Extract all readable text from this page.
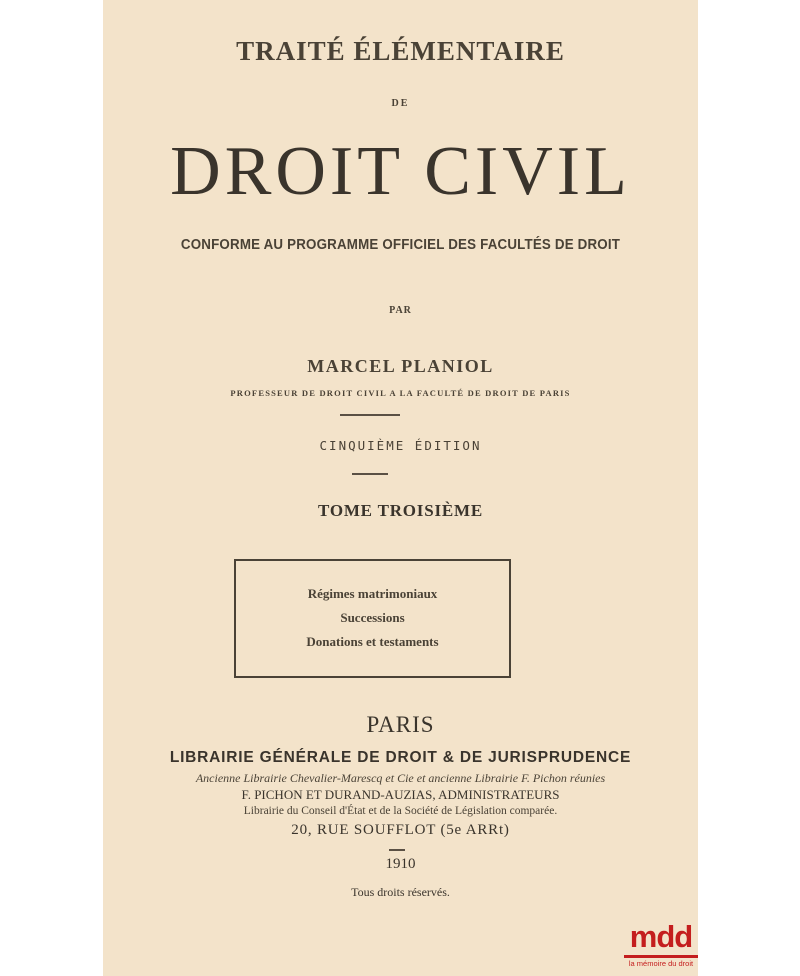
TRAITÉ ÉLÉMENTAIRE
DE
DROIT CIVIL
CONFORME AU PROGRAMME OFFICIEL DES FACULTÉS DE DROIT
PAR
MARCEL PLANIOL
PROFESSEUR DE DROIT CIVIL A LA FACULTÉ DE DROIT DE PARIS
CINQUIÈME ÉDITION
TOME TROISIÈME
Régimes matrimoniaux
Successions
Donations et testaments
PARIS
LIBRAIRIE GÉNÉRALE DE DROIT & DE JURISPRUDENCE
Ancienne Librairie Chevalier-Marescq et Cie et ancienne Librairie F. Pichon réunies
F. PICHON ET DURAND-AUZIAS, ADMINISTRATEURS
Librairie du Conseil d'État et de la Société de Législation comparée.
20, RUE SOUFFLOT (5e ARRt)
1910
Tous droits réservés.
mdd
la mémoire du droit
